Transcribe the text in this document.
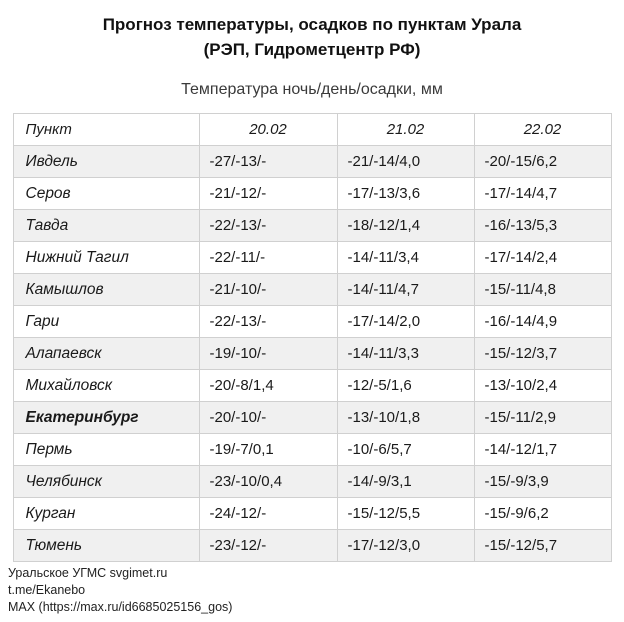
Прогноз температуры, осадков по пунктам Урала
(РЭП, Гидрометцентр РФ)
Температура ночь/день/осадки, мм
Пункт	20.02	21.02	22.02
Ивдель	-27/-13/-	-21/-14/4,0	-20/-15/6,2
Серов	-21/-12/-	-17/-13/3,6	-17/-14/4,7
Тавда	-22/-13/-	-18/-12/1,4	-16/-13/5,3
Нижний Тагил	-22/-11/-	-14/-11/3,4	-17/-14/2,4
Камышлов	-21/-10/-	-14/-11/4,7	-15/-11/4,8
Гари	-22/-13/-	-17/-14/2,0	-16/-14/4,9
Алапаевск	-19/-10/-	-14/-11/3,3	-15/-12/3,7
Михайловск	-20/-8/1,4	-12/-5/1,6	-13/-10/2,4
Екатеринбург	-20/-10/-	-13/-10/1,8	-15/-11/2,9
Пермь	-19/-7/0,1	-10/-6/5,7	-14/-12/1,7
Челябинск	-23/-10/0,4	-14/-9/3,1	-15/-9/3,9
Курган	-24/-12/-	-15/-12/5,5	-15/-9/6,2
Тюмень	-23/-12/-	-17/-12/3,0	-15/-12/5,7
Уральское УГМС svgimet.ru
t.me/Ekanebo
MAX (https://max.ru/id6685025156_gos)
